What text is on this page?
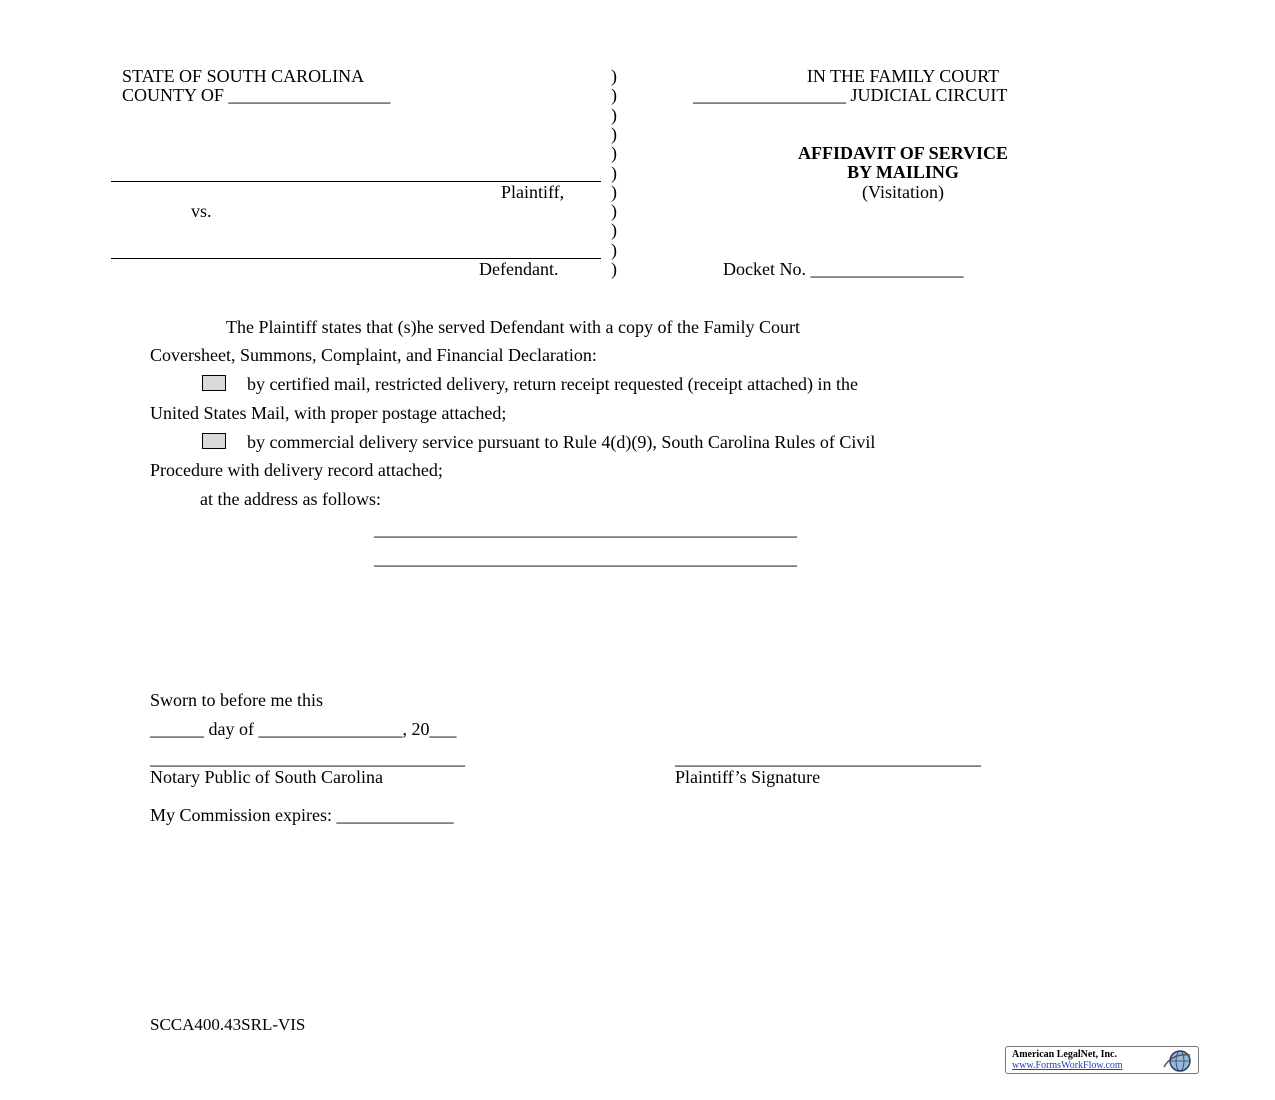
STATE OF SOUTH CAROLINA
COUNTY OF __________________
Plaintiff,
vs.
Defendant.
)
)
)
)
)
)
)
)
)
)
)
IN THE FAMILY COURT
_________________ JUDICIAL CIRCUIT
AFFIDAVIT OF SERVICE
BY MAILING
(Visitation)
Docket No. _________________
The Plaintiff states that (s)he served Defendant with a copy of the Family Court
Coversheet, Summons, Complaint, and Financial Declaration:
by certified mail, restricted delivery, return receipt requested (receipt attached) in the
United States Mail, with proper postage attached;
by commercial delivery service pursuant to Rule 4(d)(9), South Carolina Rules of Civil
Procedure with delivery record attached;
at the address as follows:
_______________________________________________
_______________________________________________
Sworn to before me this
______ day of ________________, 20___
___________________________________
Notary Public of South Carolina
__________________________________
Plaintiff’s Signature
My Commission expires: _____________
SCCA400.43SRL-VIS
American LegalNet, Inc.
www.FormsWorkFlow.com
